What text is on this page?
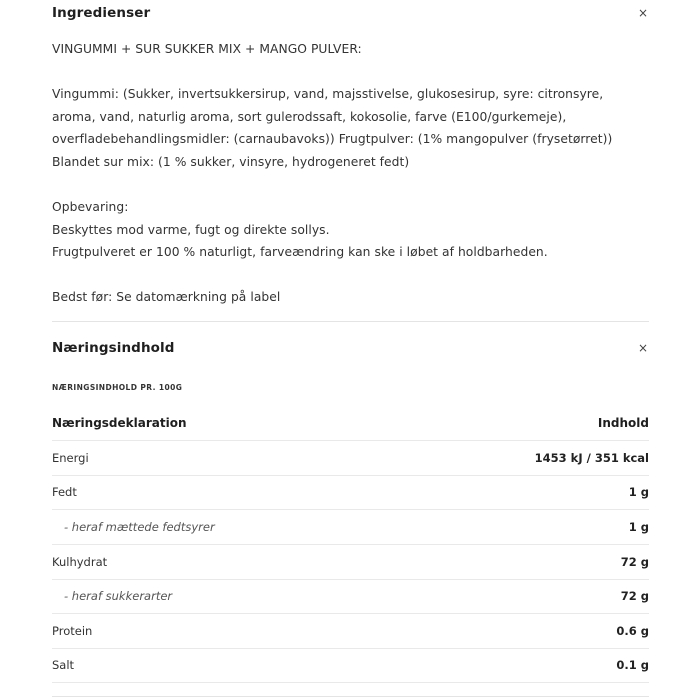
Ingredienser	×
VINGUMMI + SUR SUKKER MIX + MANGO PULVER:
Vingummi: (Sukker, invertsukkersirup, vand, majsstivelse, glukosesirup, syre: citronsyre,
aroma, vand, naturlig aroma, sort gulerodssaft, kokosolie, farve (E100/gurkemeje),
overfladebehandlingsmidler: (carnaubavoks)) Frugtpulver: (1% mangopulver (frysetørret))
Blandet sur mix: (1 % sukker, vinsyre, hydrogeneret fedt)
Opbevaring:
Beskyttes mod varme, fugt og direkte sollys.
Frugtpulveret er 100 % naturligt, farveændring kan ske i løbet af holdbarheden.
Bedst før: Se datomærkning på label
Næringsindhold	×
NÆRINGSINDHOLD PR. 100G
Næringsdeklaration	Indhold
Energi	1453 kJ / 351 kcal
Fedt	1 g
- heraf mættede fedtsyrer	1 g
Kulhydrat	72 g
- heraf sukkerarter	72 g
Protein	0.6 g
Salt	0.1 g
